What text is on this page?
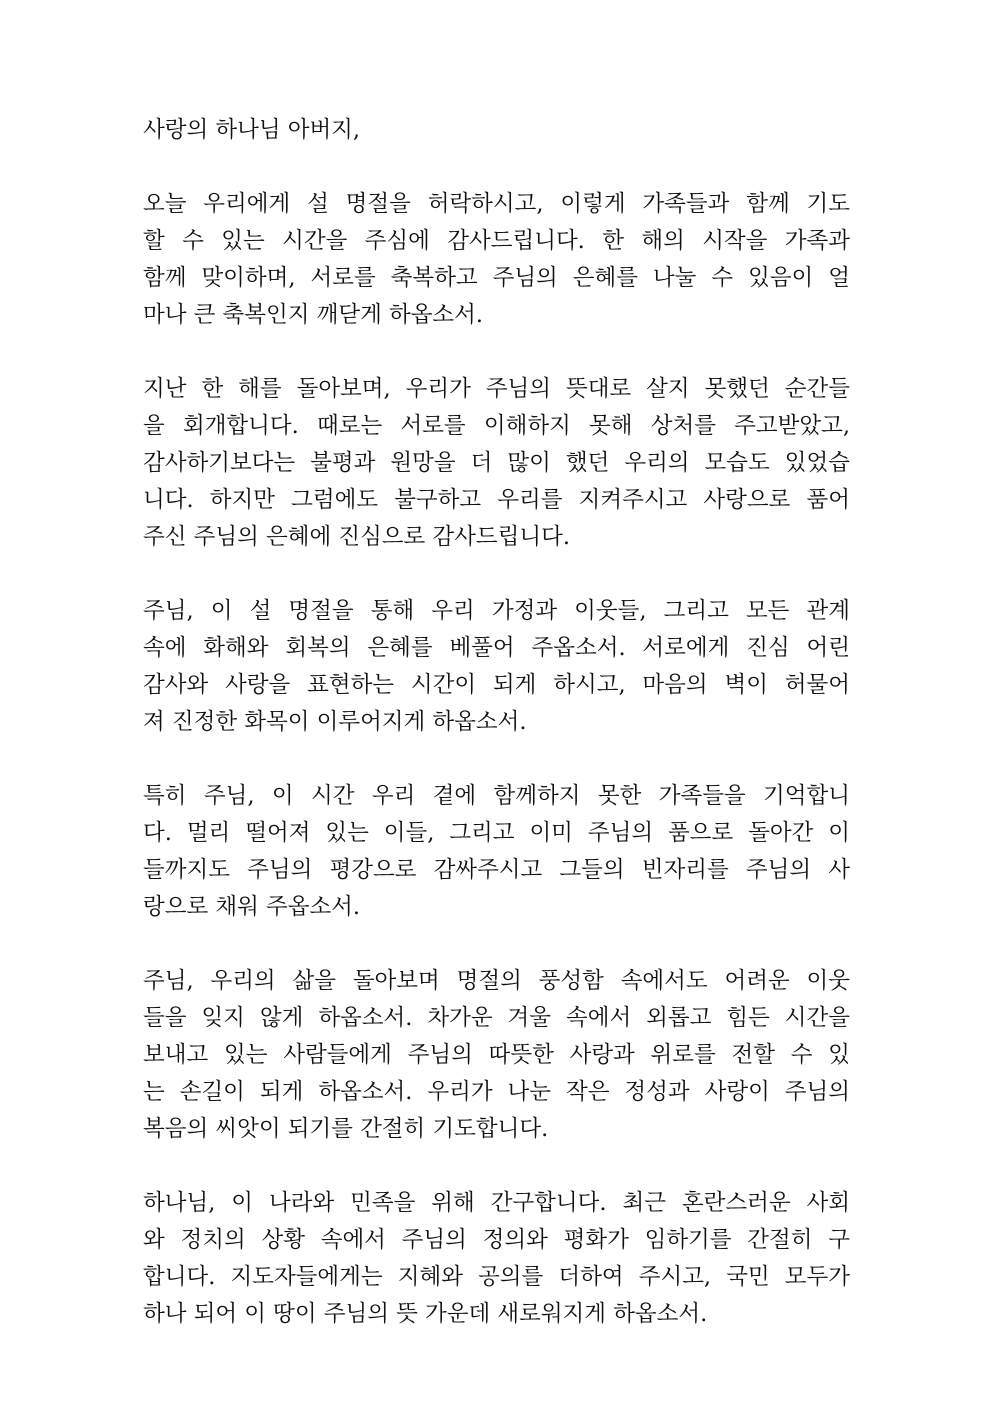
사랑의 하나님 아버지,

오늘 우리에게 설 명절을 허락하시고, 이렇게 가족들과 함께 기도
할 수 있는 시간을 주심에 감사드립니다. 한 해의 시작을 가족과
함께 맞이하며, 서로를 축복하고 주님의 은혜를 나눌 수 있음이 얼
마나 큰 축복인지 깨닫게 하옵소서.

지난 한 해를 돌아보며, 우리가 주님의 뜻대로 살지 못했던 순간들
을 회개합니다. 때로는 서로를 이해하지 못해 상처를 주고받았고,
감사하기보다는 불평과 원망을 더 많이 했던 우리의 모습도 있었습
니다. 하지만 그럼에도 불구하고 우리를 지켜주시고 사랑으로 품어
주신 주님의 은혜에 진심으로 감사드립니다.

주님, 이 설 명절을 통해 우리 가정과 이웃들, 그리고 모든 관계
속에 화해와 회복의 은혜를 베풀어 주옵소서. 서로에게 진심 어린
감사와 사랑을 표현하는 시간이 되게 하시고, 마음의 벽이 허물어
져 진정한 화목이 이루어지게 하옵소서.

특히 주님, 이 시간 우리 곁에 함께하지 못한 가족들을 기억합니
다. 멀리 떨어져 있는 이들, 그리고 이미 주님의 품으로 돌아간 이
들까지도 주님의 평강으로 감싸주시고 그들의 빈자리를 주님의 사
랑으로 채워 주옵소서.

주님, 우리의 삶을 돌아보며 명절의 풍성함 속에서도 어려운 이웃
들을 잊지 않게 하옵소서. 차가운 겨울 속에서 외롭고 힘든 시간을
보내고 있는 사람들에게 주님의 따뜻한 사랑과 위로를 전할 수 있
는 손길이 되게 하옵소서. 우리가 나눈 작은 정성과 사랑이 주님의
복음의 씨앗이 되기를 간절히 기도합니다.

하나님, 이 나라와 민족을 위해 간구합니다. 최근 혼란스러운 사회
와 정치의 상황 속에서 주님의 정의와 평화가 임하기를 간절히 구
합니다. 지도자들에게는 지혜와 공의를 더하여 주시고, 국민 모두가
하나 되어 이 땅이 주님의 뜻 가운데 새로워지게 하옵소서.
